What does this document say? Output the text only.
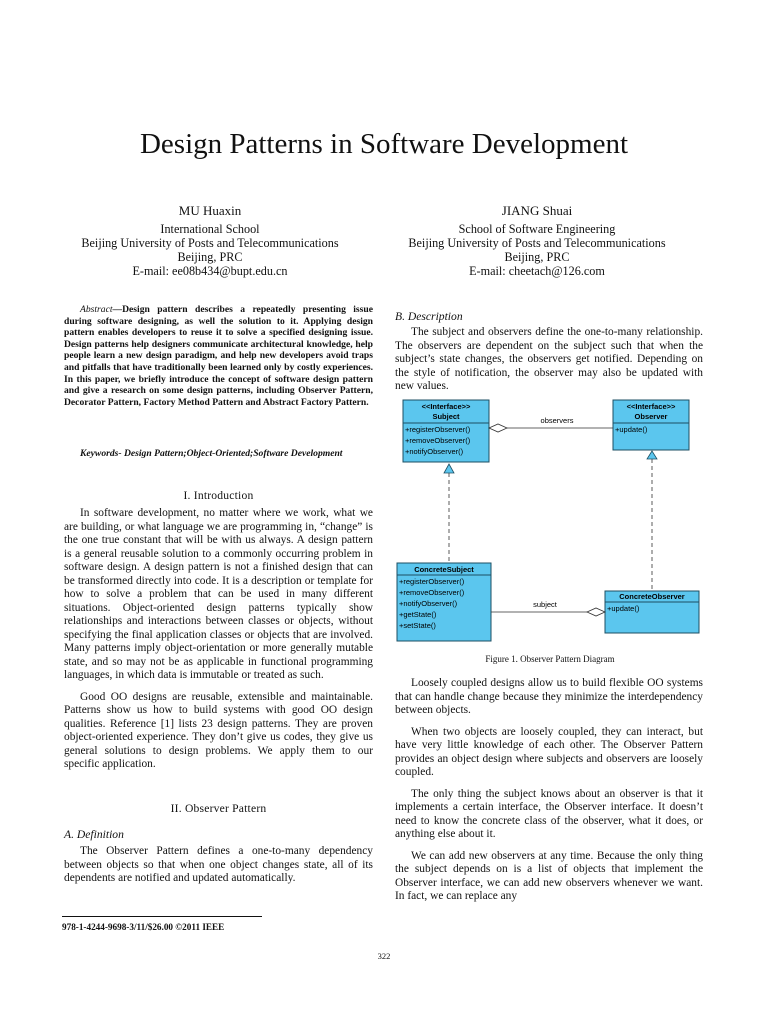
Design Patterns in Software Development
MU Huaxin
International School
Beijing University of Posts and Telecommunications
Beijing, PRC
E-mail: ee08b434@bupt.edu.cn
JIANG Shuai
School of Software Engineering
Beijing University of Posts and Telecommunications
Beijing, PRC
E-mail: cheetach@126.com

Abstract—Design pattern describes a repeatedly presenting issue during software designing, as well the solution to it. Applying design pattern enables developers to reuse it to solve a specified designing issue. Design patterns help designers communicate architectural knowledge, help people learn a new design paradigm, and help new developers avoid traps and pitfalls that have traditionally been learned only by costly experiences. In this paper, we briefly introduce the concept of software design pattern and give a research on some design patterns, including Observer Pattern, Decorator Pattern, Factory Method Pattern and Abstract Factory Pattern.

Keywords- Design Pattern;Object-Oriented;Software Development

I. Introduction

In software development, no matter where we work, what we are building, or what language we are programming in, “change” is the one true constant that will be with us always. A design pattern is a general reusable solution to a commonly occurring problem in software design. A design pattern is not a finished design that can be transformed directly into code. It is a description or template for how to solve a problem that can be used in many different situations. Object-oriented design patterns typically show relationships and interactions between classes or objects, without specifying the final application classes or objects that are involved. Many patterns imply object-orientation or more generally mutable state, and so may not be as applicable in functional programming languages, in which data is immutable or treated as such.

Good OO designs are reusable, extensible and maintainable. Patterns show us how to build systems with good OO design qualities. Reference [1] lists 23 design patterns. They are proven object-oriented experience. They don’t give us codes, they give us general solutions to design problems. We apply them to our specific application.

II. Observer Pattern
A. Definition

The Observer Pattern defines a one-to-many dependency between objects so that when one object changes state, all of its dependents are notified and updated automatically.

978-1-4244-9698-3/11/$26.00 ©2011 IEEE
B. Description

The subject and observers define the one-to-many relationship. The observers are dependent on the subject such that when the subject’s state changes, the observers get notified. Depending on the style of notification, the observer may also be updated with new values.

<<Interface>>
Subject
+registerObserver()
+removeObserver()
+notifyObserver()
<<Interface>>
Observer
+update()
observers
ConcreteSubject
+registerObserver()
+removeObserver()
+notifyObserver()
+getState()
+setState()
ConcreteObserver
+update()
subject
Figure 1. Observer Pattern Diagram

Loosely coupled designs allow us to build flexible OO systems that can handle change because they minimize the interdependency between objects.

When two objects are loosely coupled, they can interact, but have very little knowledge of each other. The Observer Pattern provides an object design where subjects and observers are loosely coupled.

The only thing the subject knows about an observer is that it implements a certain interface, the Observer interface. It doesn’t need to know the concrete class of the observer, what it does, or anything else about it.

We can add new observers at any time. Because the only thing the subject depends on is a list of objects that implement the Observer interface, we can add new observers whenever we want. In fact, we can replace any

322
